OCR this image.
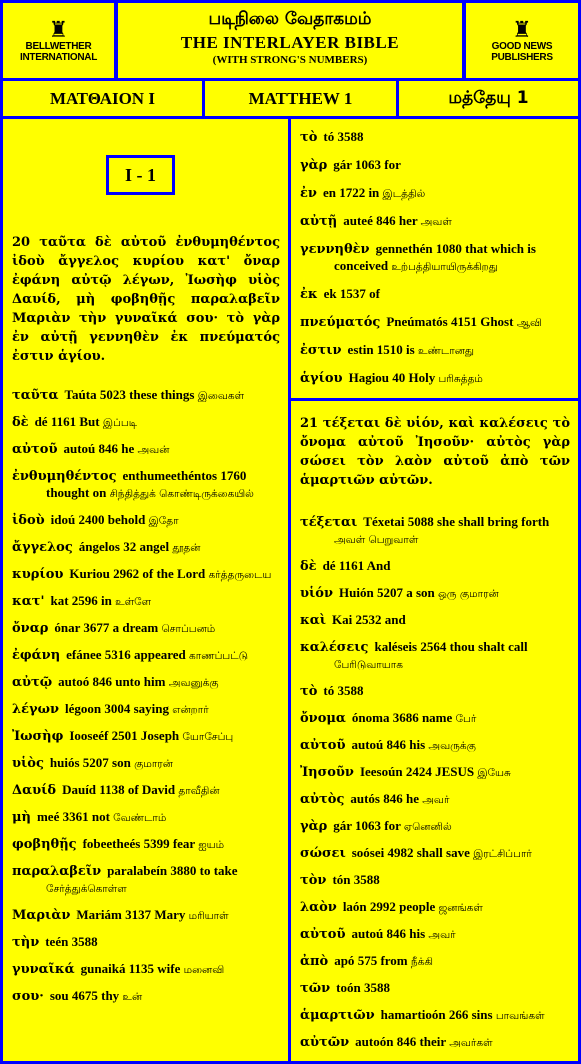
♜
BELLWETHER
INTERNATIONAL
படிநிலை வேதாகமம்
THE INTERLAYER BIBLE
(WITH STRONG'S NUMBERS)
♜
GOOD NEWS
PUBLISHERS
ΜΑΤΘΑΙΟΝ I	MATTHEW 1	மத்தேயு 1
I - 1
20 ταῦτα δὲ αὐτοῦ ἐνθυμηθέντος ἰδοὺ ἄγγελος κυρίου κατ' ὄναρ ἐφάνη αὐτῷ λέγων, Ἰωσὴφ υἱὸς Δαυίδ, μὴ φοβηθῇς παραλαβεῖν Μαριὰν τὴν γυναῖκά σου· τὸ γὰρ ἐν αὐτῇ γεννηθὲν ἐκ πνεύματός ἐστιν ἁγίου.

ταῦτα Taúta 5023 these things இவைகள்

δὲ dé 1161 But இப்படி

αὐτοῦ autoú 846 he அவன்

ἐνθυμηθέντος enthumeethéntos 1760 thought on சிந்தித்துக் கொண்டிருக்கையில்

ἰδοὺ idoú 2400 behold இதோ

ἄγγελος ángelos 32 angel தூதன்

κυρίου Kuriou 2962 of the Lord கர்த்தருடைய

κατ' kat 2596 in உள்ளே

ὄναρ ónar 3677 a dream சொப்பனம்

ἐφάνη efánee 5316 appeared காணப்பட்டு

αὐτῷ autoó 846 unto him அவனுக்கு

λέγων légoon 3004 saying என்றார்

Ἰωσὴφ Iooseéf 2501 Joseph யோசேப்பு

υἱὸς huiós 5207 son குமாரன்

Δαυίδ Dauíd 1138 of David தாவீதின்

μὴ meé 3361 not வேண்டாம்

φοβηθῇς fobeetheés 5399 fear ஐயம்

παραλαβεῖν paralabeín 3880 to take சேர்த்துக்கொள்ள

Μαριὰν Mariám 3137 Mary மரியாள்

τὴν teén 3588

γυναῖκά gunaiká 1135 wife மனைவி

σου· sou 4675 thy உன்

τὸ tó 3588

γὰρ gár 1063 for

ἐν en 1722 in இடத்தில்

αὐτῇ auteé 846 her அவள்

γεννηθὲν gennethén 1080 that which is conceived உற்பத்தியாயிருக்கிறது

ἐκ ek 1537 of

πνεύματός Pneúmatós 4151 Ghost ஆவி

ἐστιν estin 1510 is உண்டானது

ἁγίου Hagiou 40 Holy பரிசுத்தம்

21 τέξεται δὲ υἱόν, καὶ καλέσεις τὸ ὄνομα αὐτοῦ Ἰησοῦν· αὐτὸς γὰρ σώσει τὸν λαὸν αὐτοῦ ἀπὸ τῶν ἁμαρτιῶν αὐτῶν.

τέξεται Téxetai 5088 she shall bring forth அவள் பெறுவாள்

δὲ dé 1161 And

υἱόν Huión 5207 a son ஒரு குமாரன்

καὶ Kai 2532 and

καλέσεις kaléseis 2564 thou shalt call பேரிடுவாயாக

τὸ tó 3588

ὄνομα ónoma 3686 name பேர்

αὐτοῦ autoú 846 his அவருக்கு

Ἰησοῦν Ieesoún 2424 JESUS இயேசு

αὐτὸς autós 846 he அவர்

γὰρ gár 1063 for ஏனெனில்

σώσει soósei 4982 shall save இரட்சிப்பார்

τὸν tón 3588

λαὸν laón 2992 people ஜனங்கள்

αὐτοῦ autoú 846 his அவர்

ἀπὸ apó 575 from நீக்கி

τῶν toón 3588

ἁμαρτιῶν hamartioón 266 sins பாவங்கள்

αὐτῶν autoón 846 their அவர்கள்
